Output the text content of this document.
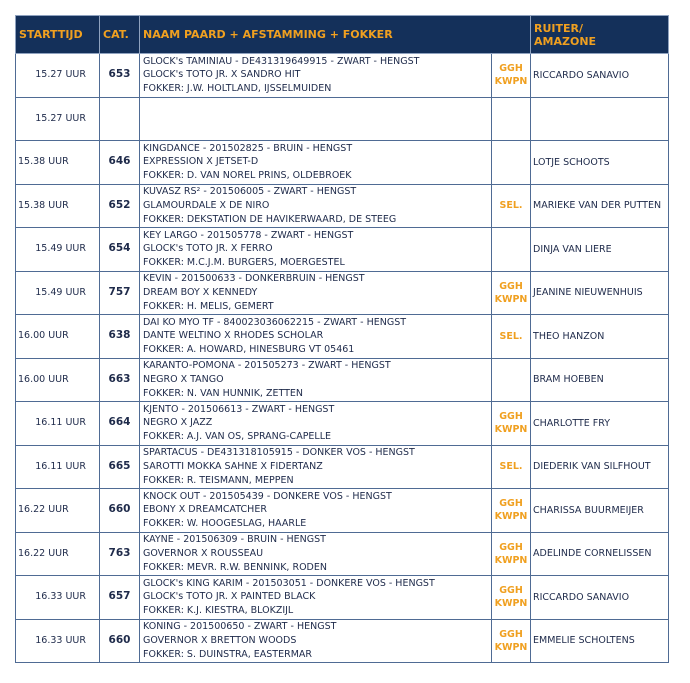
STARTTIJD	CAT.	NAAM PAARD + AFSTAMMING + FOKKER		RUITER/
AMAZONE

15.27 UUR	653	GLOCK's TAMINIAU - DE431319649915 - ZWART - HENGST
GLOCK's TOTO JR. X SANDRO HIT
FOKKER: J.W. HOLTLAND, IJSSELMUIDEN	GGH
KWPN	RICCARDO SANAVIO
15.27 UUR		

15.38 UUR	646	KINGDANCE - 201502825 - BRUIN - HENGST
EXPRESSION X JETSET-D
FOKKER: D. VAN NOREL PRINS, OLDEBROEK		LOTJE SCHOOTS
15.38 UUR	652	KUVASZ RS² - 201506005 - ZWART - HENGST
GLAMOURDALE X DE NIRO
FOKKER: DEKSTATION DE HAVIKERWAARD, DE STEEG	SEL.	MARIEKE VAN DER PUTTEN
15.49 UUR	654	KEY LARGO - 201505778 - ZWART - HENGST
GLOCK's TOTO JR. X FERRO
FOKKER: M.C.J.M. BURGERS, MOERGESTEL		DINJA VAN LIERE
15.49 UUR	757	KEVIN - 201500633 - DONKERBRUIN - HENGST
DREAM BOY X KENNEDY
FOKKER: H. MELIS, GEMERT	GGH
KWPN	JEANINE NIEUWENHUIS
16.00 UUR	638	DAI KO MYO TF - 840023036062215 - ZWART - HENGST
DANTE WELTINO X RHODES SCHOLAR
FOKKER: A. HOWARD, HINESBURG VT 05461	SEL.	THEO HANZON
16.00 UUR	663	KARANTO-POMONA - 201505273 - ZWART - HENGST
NEGRO X TANGO
FOKKER: N. VAN HUNNIK, ZETTEN		BRAM HOEBEN
16.11 UUR	664	KJENTO - 201506613 - ZWART - HENGST
NEGRO X JAZZ
FOKKER: A.J. VAN OS, SPRANG-CAPELLE	GGH
KWPN	CHARLOTTE FRY
16.11 UUR	665	SPARTACUS - DE431318105915 - DONKER VOS - HENGST
SAROTTI MOKKA SAHNE X FIDERTANZ
FOKKER: R. TEISMANN, MEPPEN	SEL.	DIEDERIK VAN SILFHOUT
16.22 UUR	660	KNOCK OUT - 201505439 - DONKERE VOS - HENGST
EBONY X DREAMCATCHER
FOKKER: W. HOOGESLAG, HAARLE	GGH
KWPN	CHARISSA BUURMEIJER
16.22 UUR	763	KAYNE - 201506309 - BRUIN - HENGST
GOVERNOR X ROUSSEAU
FOKKER: MEVR. R.W. BENNINK, RODEN	GGH
KWPN	ADELINDE CORNELISSEN
16.33 UUR	657	GLOCK's KING KARIM - 201503051 - DONKERE VOS - HENGST
GLOCK's TOTO JR. X PAINTED BLACK
FOKKER: K.J. KIESTRA, BLOKZIJL	GGH
KWPN	RICCARDO SANAVIO
16.33 UUR	660	KONING - 201500650 - ZWART - HENGST
GOVERNOR X BRETTON WOODS
FOKKER: S. DUINSTRA, EASTERMAR	GGH
KWPN	EMMELIE SCHOLTENS
